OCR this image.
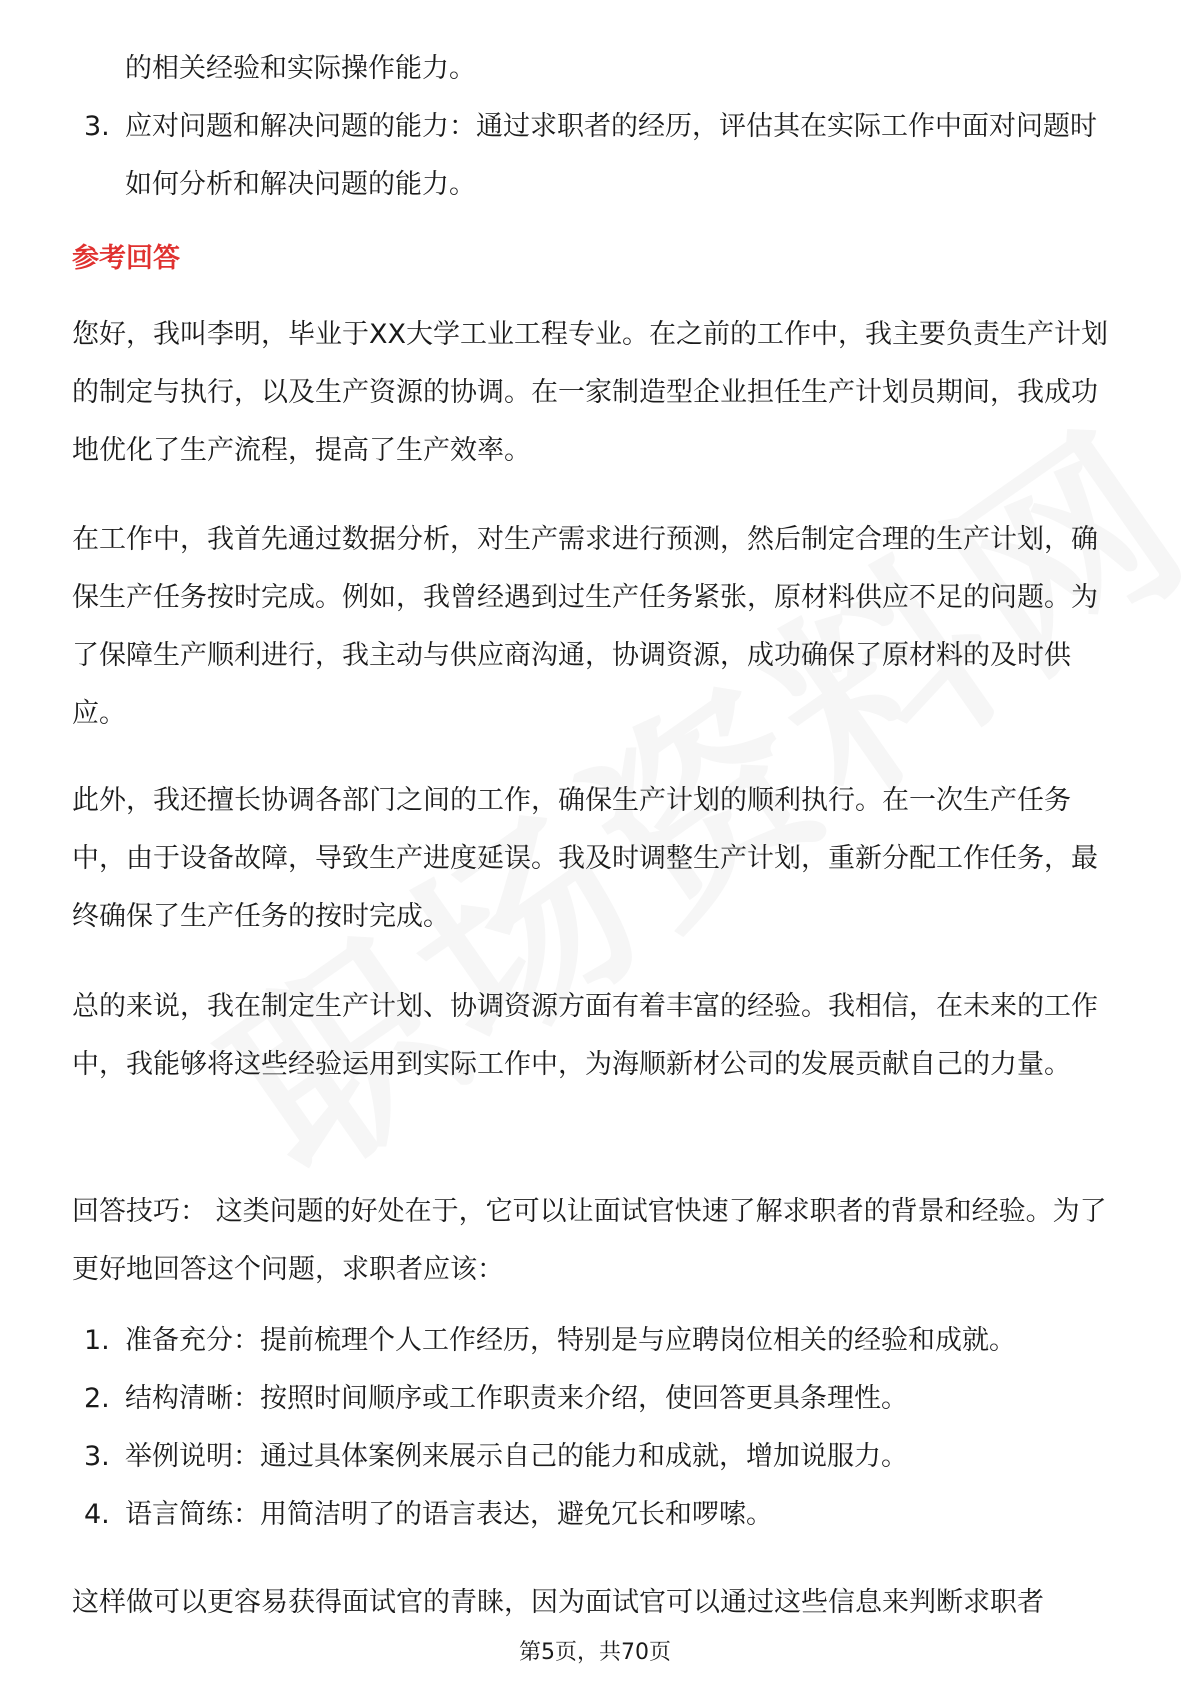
的相关经验和实际操作能力。
3. 应对问题和解决问题的能力：通过求职者的经历，评估其在实际工作中面对问题时如何分析和解决问题的能力。
参考回答

您好，我叫李明，毕业于XX大学工业工程专业。在之前的工作中，我主要负责生产计划的制定与执行，以及生产资源的协调。在一家制造型企业担任生产计划员期间，我成功地优化了生产流程，提高了生产效率。

在工作中，我首先通过数据分析，对生产需求进行预测，然后制定合理的生产计划，确保生产任务按时完成。例如，我曾经遇到过生产任务紧张，原材料供应不足的问题。为了保障生产顺利进行，我主动与供应商沟通，协调资源，成功确保了原材料的及时供应。

此外，我还擅长协调各部门之间的工作，确保生产计划的顺利执行。在一次生产任务中，由于设备故障，导致生产进度延误。我及时调整生产计划，重新分配工作任务，最终确保了生产任务的按时完成。

总的来说，我在制定生产计划、协调资源方面有着丰富的经验。我相信，在未来的工作中，我能够将这些经验运用到实际工作中，为海顺新材公司的发展贡献自己的力量。

回答技巧： 这类问题的好处在于，它可以让面试官快速了解求职者的背景和经验。为了更好地回答这个问题，求职者应该：

1. 准备充分：提前梳理个人工作经历，特别是与应聘岗位相关的经验和成就。
2. 结构清晰：按照时间顺序或工作职责来介绍，使回答更具条理性。
3. 举例说明：通过具体案例来展示自己的能力和成就，增加说服力。
4. 语言简练：用简洁明了的语言表达，避免冗长和啰嗦。

这样做可以更容易获得面试官的青睐，因为面试官可以通过这些信息来判断求职者

第5页，共70页
